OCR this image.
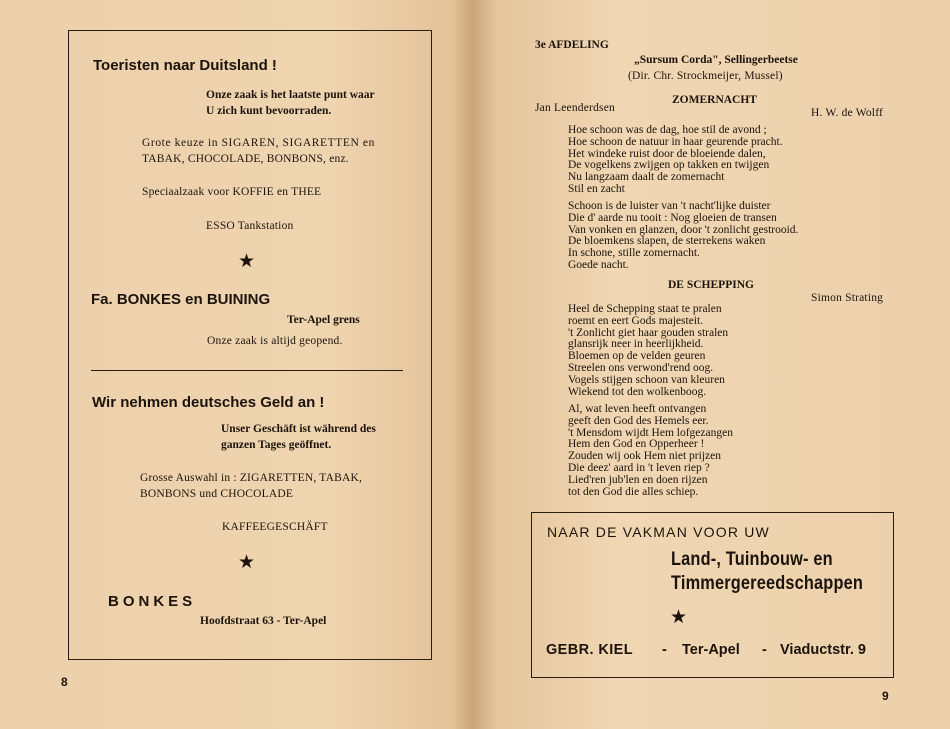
Toeristen naar Duitsland !
Onze zaak is het laatste punt waar
U zich kunt bevoorraden.
Grote keuze in SIGAREN, SIGARETTEN en
TABAK, CHOCOLADE, BONBONS, enz.
Speciaalzaak voor KOFFIE en THEE
ESSO Tankstation
★
Fa. BONKES en BUINING
Ter-Apel grens
Onze zaak is altijd geopend.
Wir nehmen deutsches Geld an !
Unser Geschäft ist während des
ganzen Tages geöffnet.
Grosse Auswahl in : ZIGARETTEN, TABAK,
BONBONS und CHOCOLADE
KAFFEEGESCHÄFT
★
BONKES
Hoofdstraat 63 - Ter-Apel
8
3e AFDELING
„Sursum Corda", Sellingerbeetse
(Dir. Chr. Strockmeijer, Mussel)
ZOMERNACHT
Jan Leenderdsen	H. W. de Wolff
Hoe schoon was de dag, hoe stil de avond ;
Hoe schoon de natuur in haar geurende pracht.
Het windeke ruist door de bloeiende dalen,
De vogelkens zwijgen op takken en twijgen
Nu langzaam daalt de zomernacht
Stil en zacht
Schoon is de luister van 't nacht'lijke duister
Die d' aarde nu tooit : Nog gloeien de transen
Van vonken en glanzen, door 't zonlicht gestrooid.
De bloemkens slapen, de sterrekens waken
In schone, stille zomernacht.
Goede nacht.
DE SCHEPPING
Simon Strating
Heel de Schepping staat te pralen
roemt en eert Gods majesteit.
't Zonlicht giet haar gouden stralen
glansrijk neer in heerlijkheid.
Bloemen op de velden geuren
Streelen ons verwond'rend oog.
Vogels stijgen schoon van kleuren
Wiekend tot den wolkenboog.
Al, wat leven heeft ontvangen
geeft den God des Hemels eer.
't Mensdom wijdt Hem lofgezangen
Hem den God en Opperheer !
Zouden wij ook Hem niet prijzen
Die deez' aard in 't leven riep ?
Lied'ren jub'len en doen rijzen
tot den God die alles schiep.
NAAR DE VAKMAN VOOR UW
Land-, Tuinbouw- en
Timmergereedschappen
★
GEBR. KIEL - Ter-Apel - Viaductstr. 9
9
